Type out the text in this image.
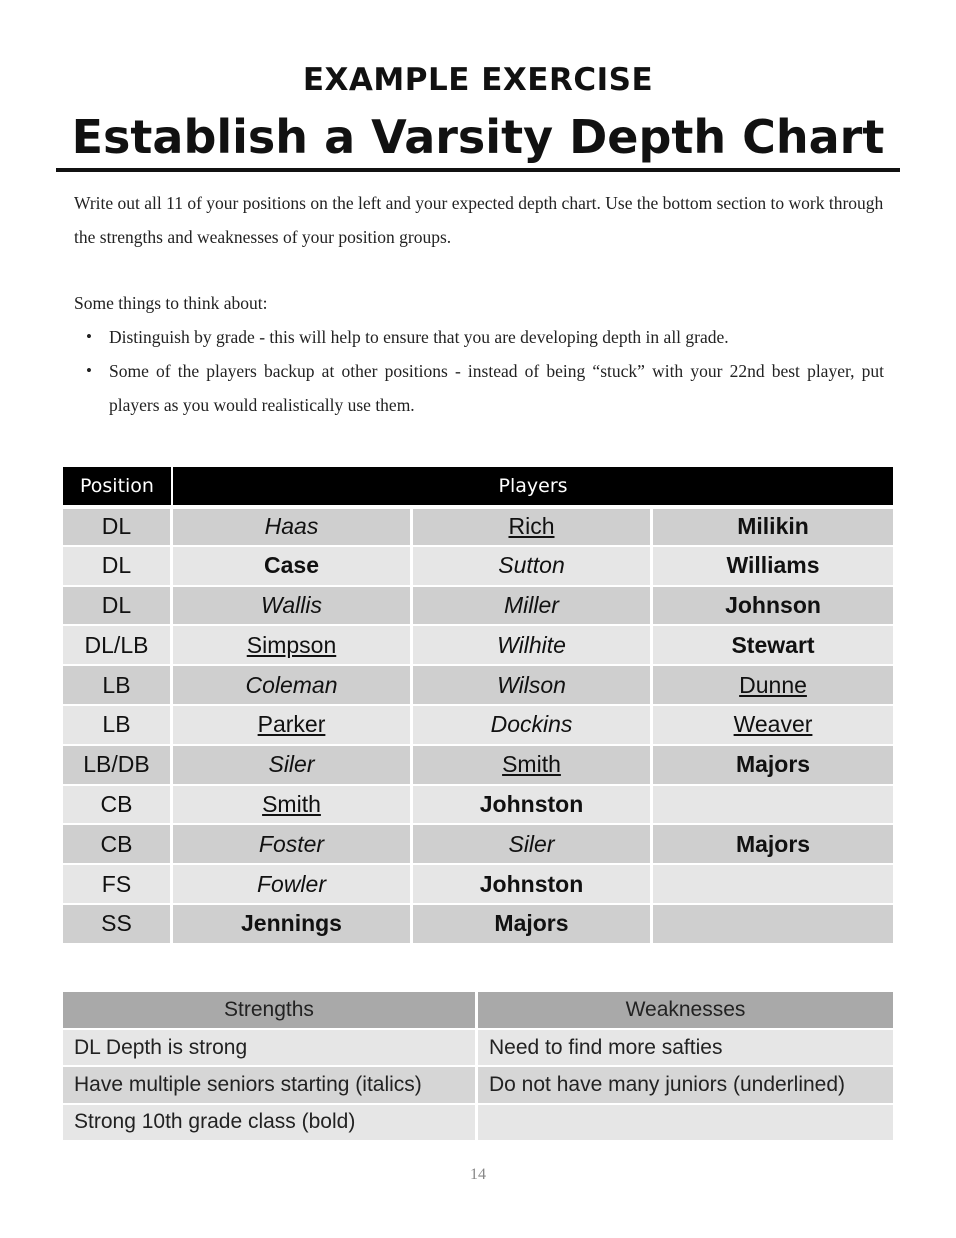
EXAMPLE EXERCISE
Establish a Varsity Depth Chart

Write out all 11 of your positions on the left and your expected depth chart. Use the bottom section to work through the strengths and weaknesses of your position groups.

Some things to think about:

• Distinguish by grade - this will help to ensure that you are developing depth in all grade.
• Some of the players backup at other positions - instead of being “stuck” with your 22nd best player, put players as you would realistically use them.
Position	Players		
DL	Haas	Rich	Milikin
DL	Case	Sutton	Williams
DL	Wallis	Miller	Johnson
DL/LB	Simpson	Wilhite	Stewart
LB	Coleman	Wilson	Dunne
LB	Parker	Dockins	Weaver
LB/DB	Siler	Smith	Majors
CB	Smith	Johnston	
CB	Foster	Siler	Majors
FS	Fowler	Johnston	
SS	Jennings	Majors	
Strengths	Weaknesses
DL Depth is strong	Need to find more safties
Have multiple seniors starting (italics)	Do not have many juniors (underlined)
Strong 10th grade class (bold)	
14
